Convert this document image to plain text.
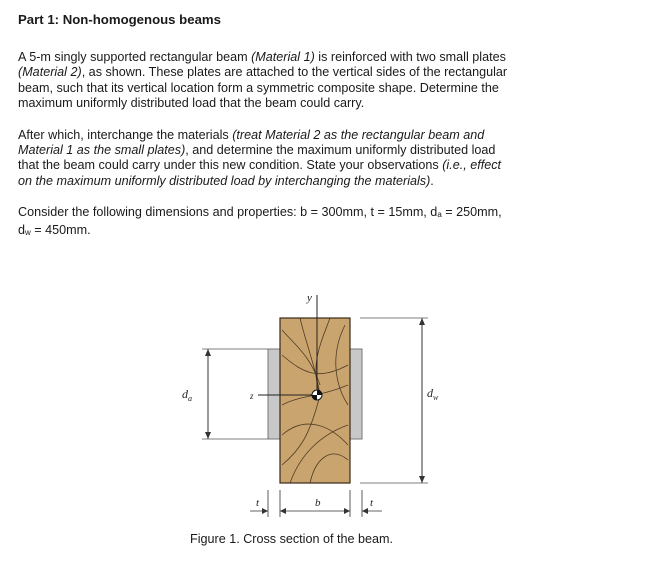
Part 1: Non-homogenous beams

A 5-m singly supported rectangular beam (Material 1) is reinforced with two small plates
(Material 2), as shown. These plates are attached to the vertical sides of the rectangular
beam, such that its vertical location form a symmetric composite shape. Determine the
maximum uniformly distributed load that the beam could carry.

After which, interchange the materials (treat Material 2 as the rectangular beam and
Material 1 as the small plates), and determine the maximum uniformly distributed load
that the beam could carry under this new condition. State your observations (i.e., effect
on the maximum uniformly distributed load by interchanging the materials).

Consider the following dimensions and properties: b = 300mm, t = 15mm, da = 250mm,
dw = 450mm.

y
z
$d_a$	$d_w$
b
t	t
Figure 1. Cross section of the beam.
